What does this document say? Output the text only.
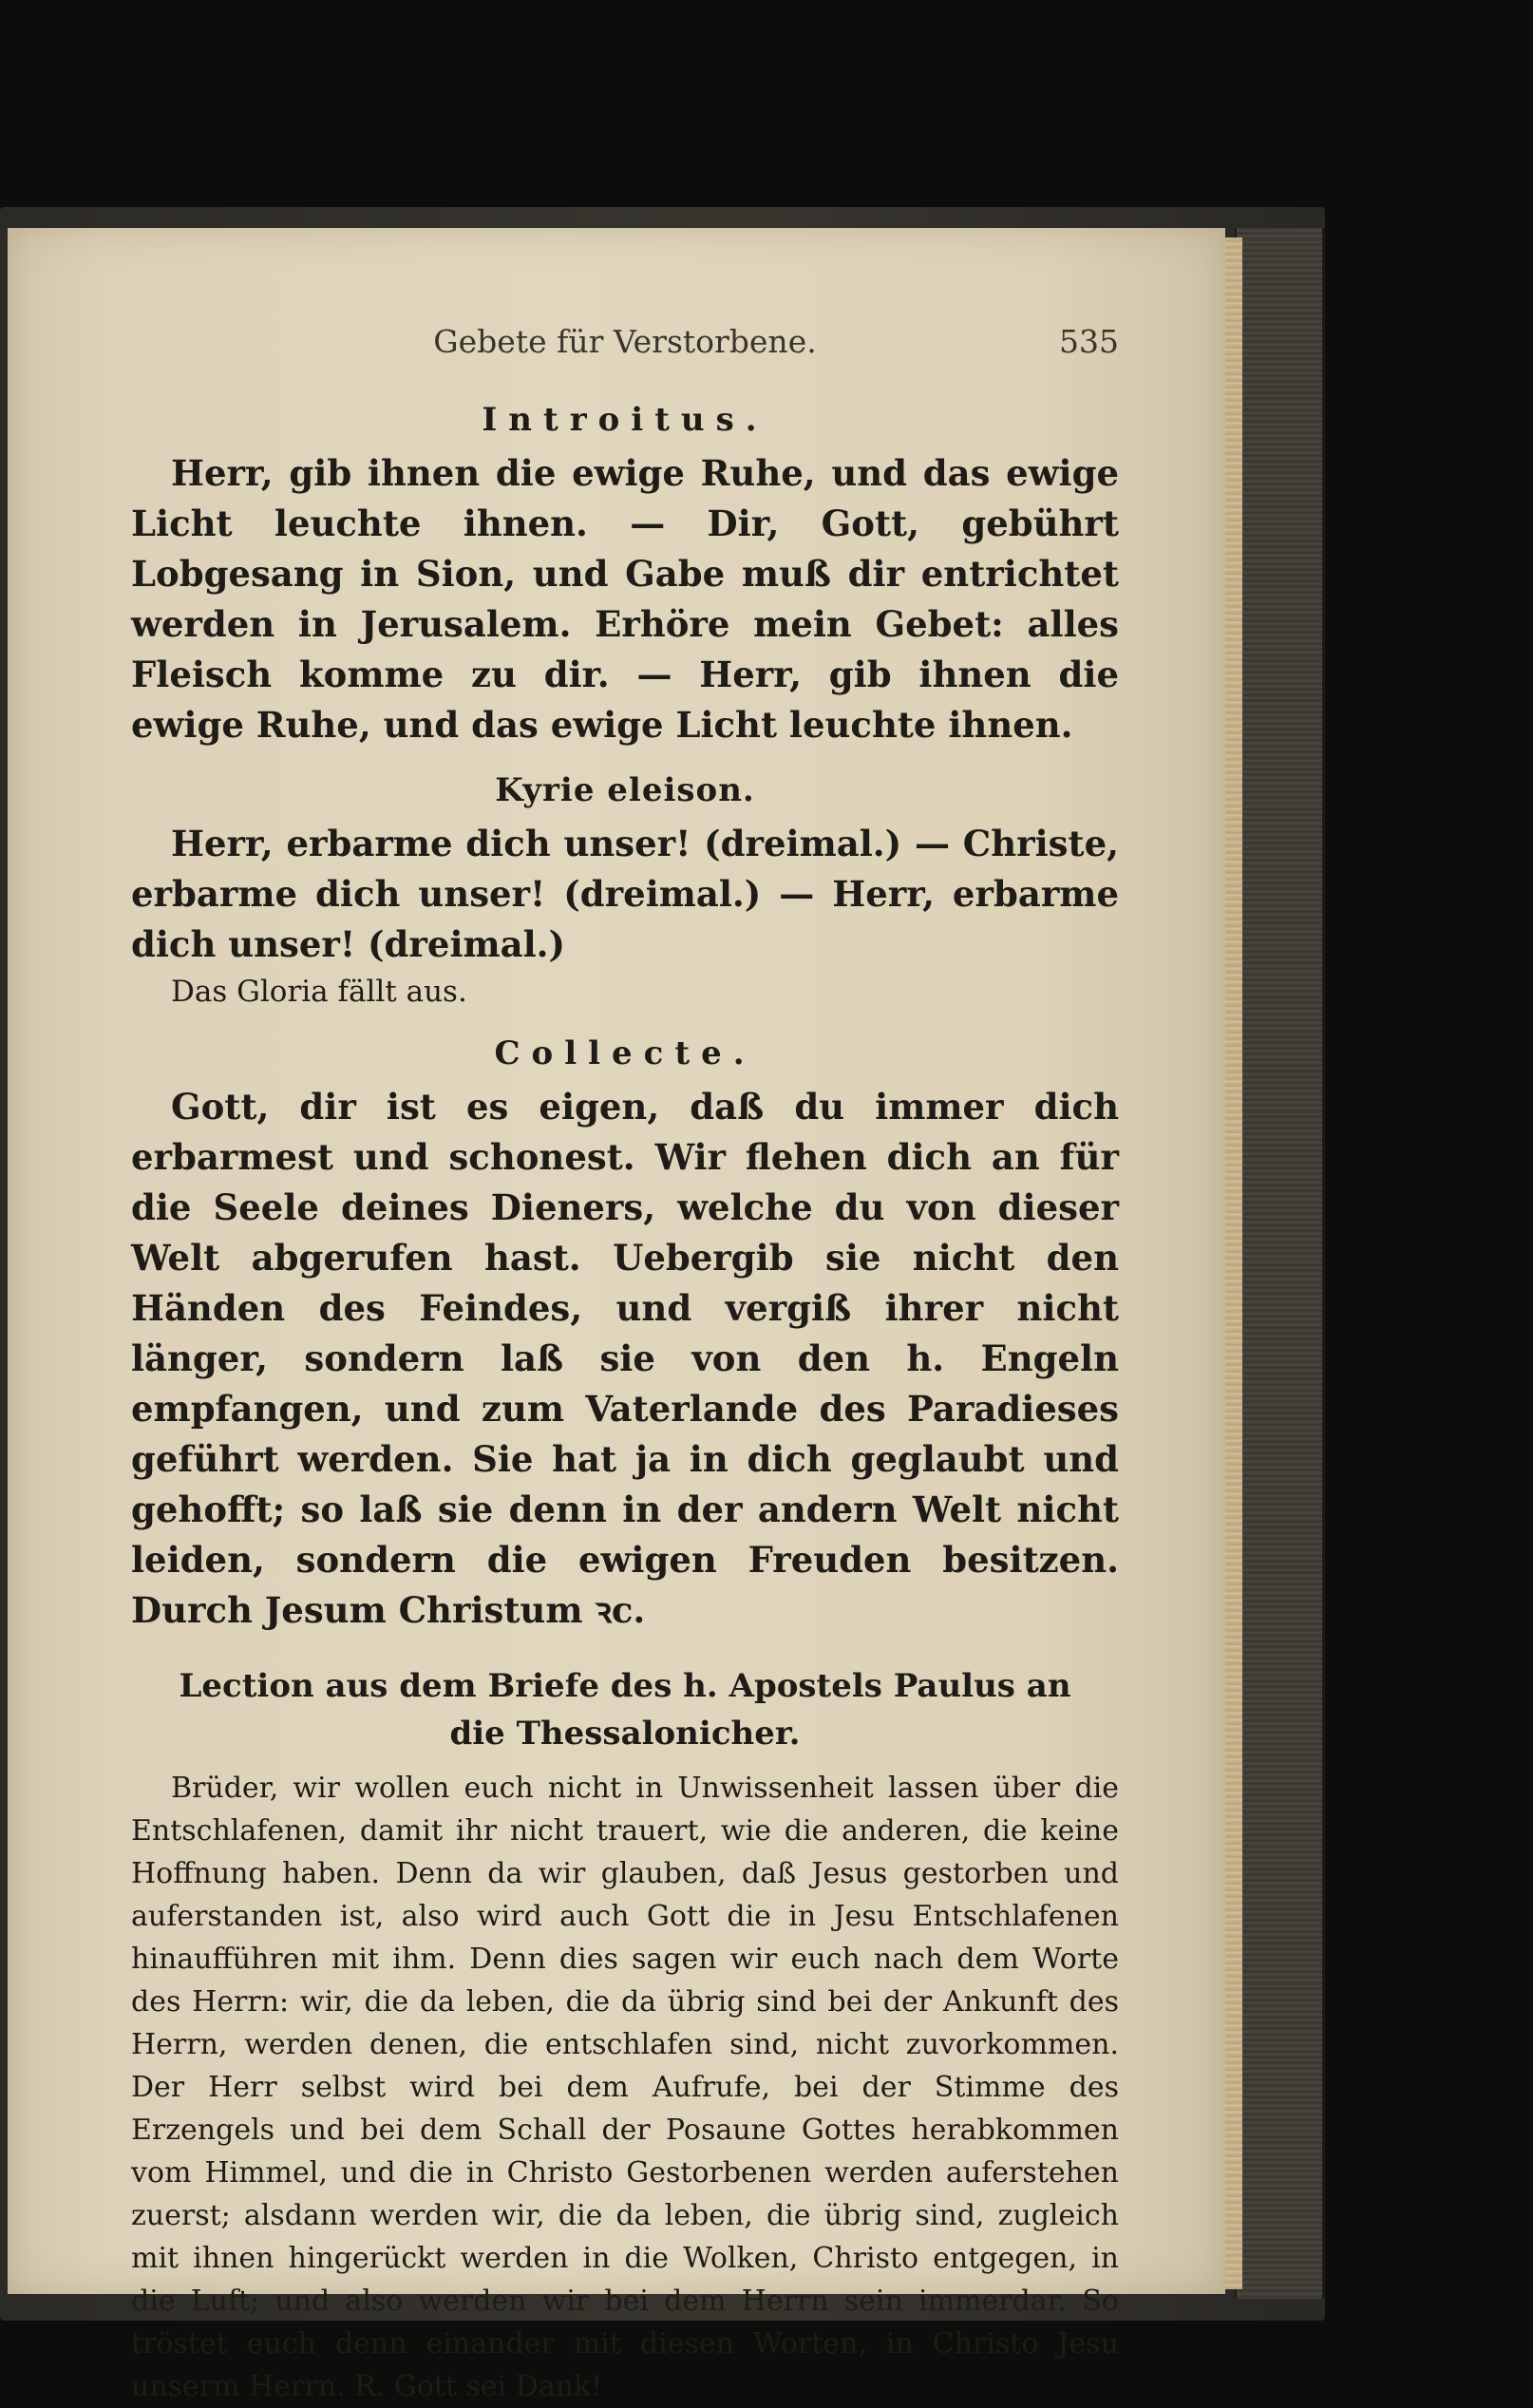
Gebete für Verstorbene.	535
Introitus.

Herr, gib ihnen die ewige Ruhe, und das ewige Licht leuchte ihnen. — Dir, Gott, gebührt Lobgesang in Sion, und Gabe muß dir entrichtet werden in Jerusalem. Erhöre mein Gebet: alles Fleisch komme zu dir. — Herr, gib ihnen die ewige Ruhe, und das ewige Licht leuchte ihnen.

Kyrie eleison.

Herr, erbarme dich unser! (dreimal.) — Christe, erbarme dich unser! (dreimal.) — Herr, erbarme dich unser! (dreimal.)

Das Gloria fällt aus.

Collecte.

Gott, dir ist es eigen, daß du immer dich erbarmest und schonest. Wir flehen dich an für die Seele deines Dieners, welche du von dieser Welt abgerufen hast. Uebergib sie nicht den Händen des Feindes, und vergiß ihrer nicht länger, sondern laß sie von den h. Engeln empfangen, und zum Vaterlande des Paradieses geführt werden. Sie hat ja in dich geglaubt und gehofft; so laß sie denn in der andern Welt nicht leiden, sondern die ewigen Freuden besitzen. Durch Jesum Christum ꝛc.

Lection aus dem Briefe des h. Apostels Paulus an die Thessalonicher.

Brüder, wir wollen euch nicht in Unwissenheit lassen über die Entschlafenen, damit ihr nicht trauert, wie die anderen, die keine Hoffnung haben. Denn da wir glauben, daß Jesus gestorben und auferstanden ist, also wird auch Gott die in Jesu Entschlafenen hinaufführen mit ihm. Denn dies sagen wir euch nach dem Worte des Herrn: wir, die da leben, die da übrig sind bei der Ankunft des Herrn, werden denen, die entschlafen sind, nicht zuvorkommen. Der Herr selbst wird bei dem Aufrufe, bei der Stimme des Erzengels und bei dem Schall der Posaune Gottes herabkommen vom Himmel, und die in Christo Gestorbenen werden auferstehen zuerst; alsdann werden wir, die da leben, die übrig sind, zugleich mit ihnen hingerückt werden in die Wolken, Christo entgegen, in die Luft; und also werden wir bei dem Herrn sein immerdar. So tröstet euch denn einander mit diesen Worten, in Christo Jesu unserm Herrn. R. Gott sei Dank!
